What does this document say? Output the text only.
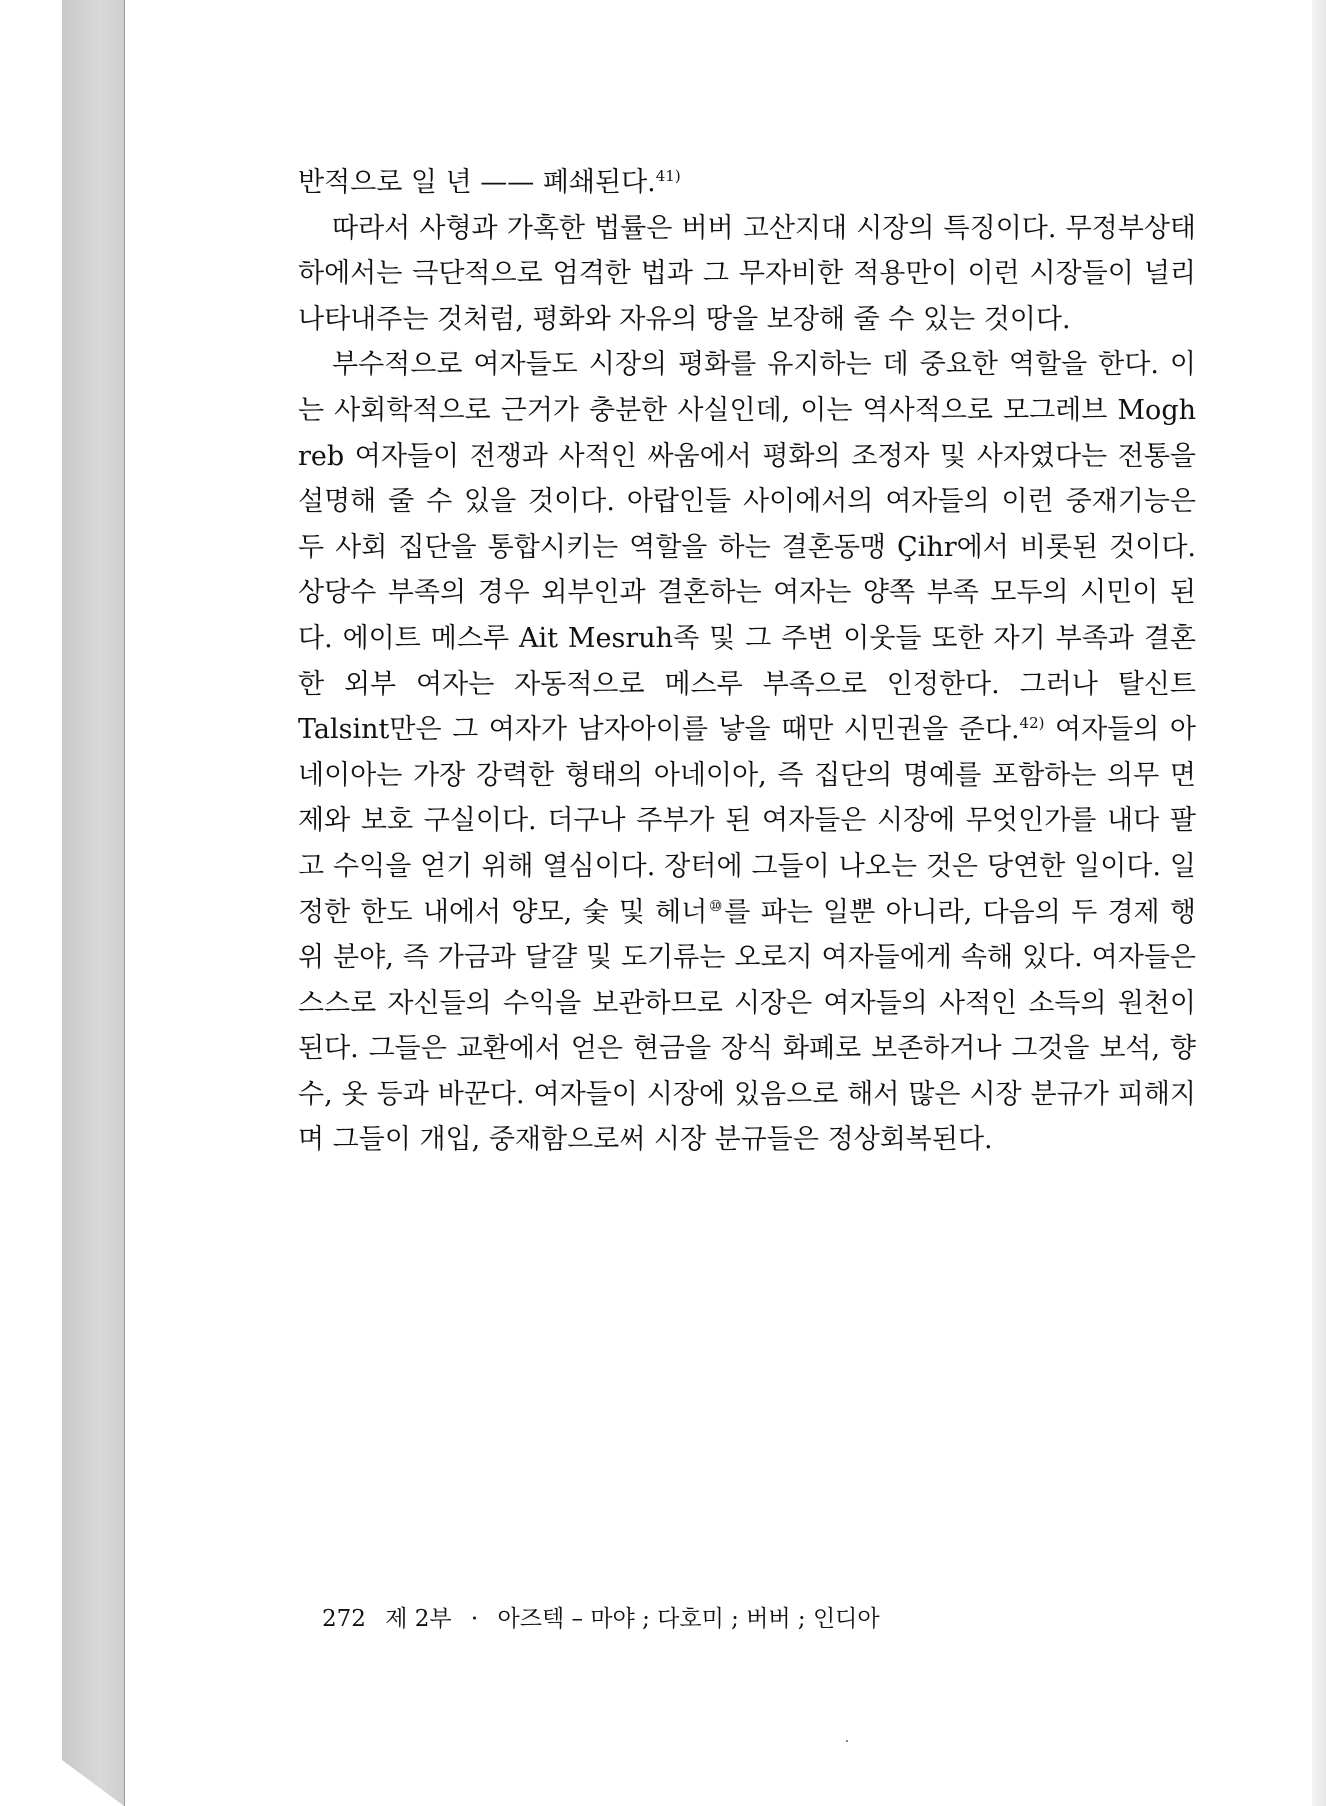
반적으로 일 년 —— 폐쇄된다.$^{41)}$

따라서 사형과 가혹한 법률은 버버 고산지대 시장의 특징이다. 무정부상태 하에서는 극단적으로 엄격한 법과 그 무자비한 적용만이 이런 시장들이 널리 나타내주는 것처럼, 평화와 자유의 땅을 보장해 줄 수 있는 것이다.

부수적으로 여자들도 시장의 평화를 유지하는 데 중요한 역할을 한다. 이는 사회학적으로 근거가 충분한 사실인데, 이는 역사적으로 모그레브 Mogh reb 여자들이 전쟁과 사적인 싸움에서 평화의 조정자 및 사자였다는 전통을 설명해 줄 수 있을 것이다. 아랍인들 사이에서의 여자들의 이런 중재기능은 두 사회 집단을 통합시키는 역할을 하는 결혼동맹 Çihr에서 비롯된 것이다. 상당수 부족의 경우 외부인과 결혼하는 여자는 양쪽 부족 모두의 시민이 된다. 에이트 메스루 Ait Mesruh족 및 그 주변 이웃들 또한 자기 부족과 결혼한 외부 여자는 자동적으로 메스루 부족으로 인정한다. 그러나 탈신트 Talsint만은 그 여자가 남자아이를 낳을 때만 시민권을 준다.$^{42)}$ 여자들의 아네이아는 가장 강력한 형태의 아네이아, 즉 집단의 명예를 포함하는 의무 면제와 보호 구실이다. 더구나 주부가 된 여자들은 시장에 무엇인가를 내다 팔고 수익을 얻기 위해 열심이다. 장터에 그들이 나오는 것은 당연한 일이다. 일정한 한도 내에서 양모, 숯 및 헤너⑩를 파는 일뿐 아니라, 다음의 두 경제 행위 분야, 즉 가금과 달걀 및 도기류는 오로지 여자들에게 속해 있다. 여자들은 스스로 자신들의 수익을 보관하므로 시장은 여자들의 사적인 소득의 원천이 된다. 그들은 교환에서 얻은 현금을 장식 화폐로 보존하거나 그것을 보석, 향수, 옷 등과 바꾼다. 여자들이 시장에 있음으로 해서 많은 시장 분규가 피해지며 그들이 개입, 중재함으로써 시장 분규들은 정상회복된다.

272 제 2부 · 아즈텍 – 마야 ; 다호미 ; 버버 ; 인디아
